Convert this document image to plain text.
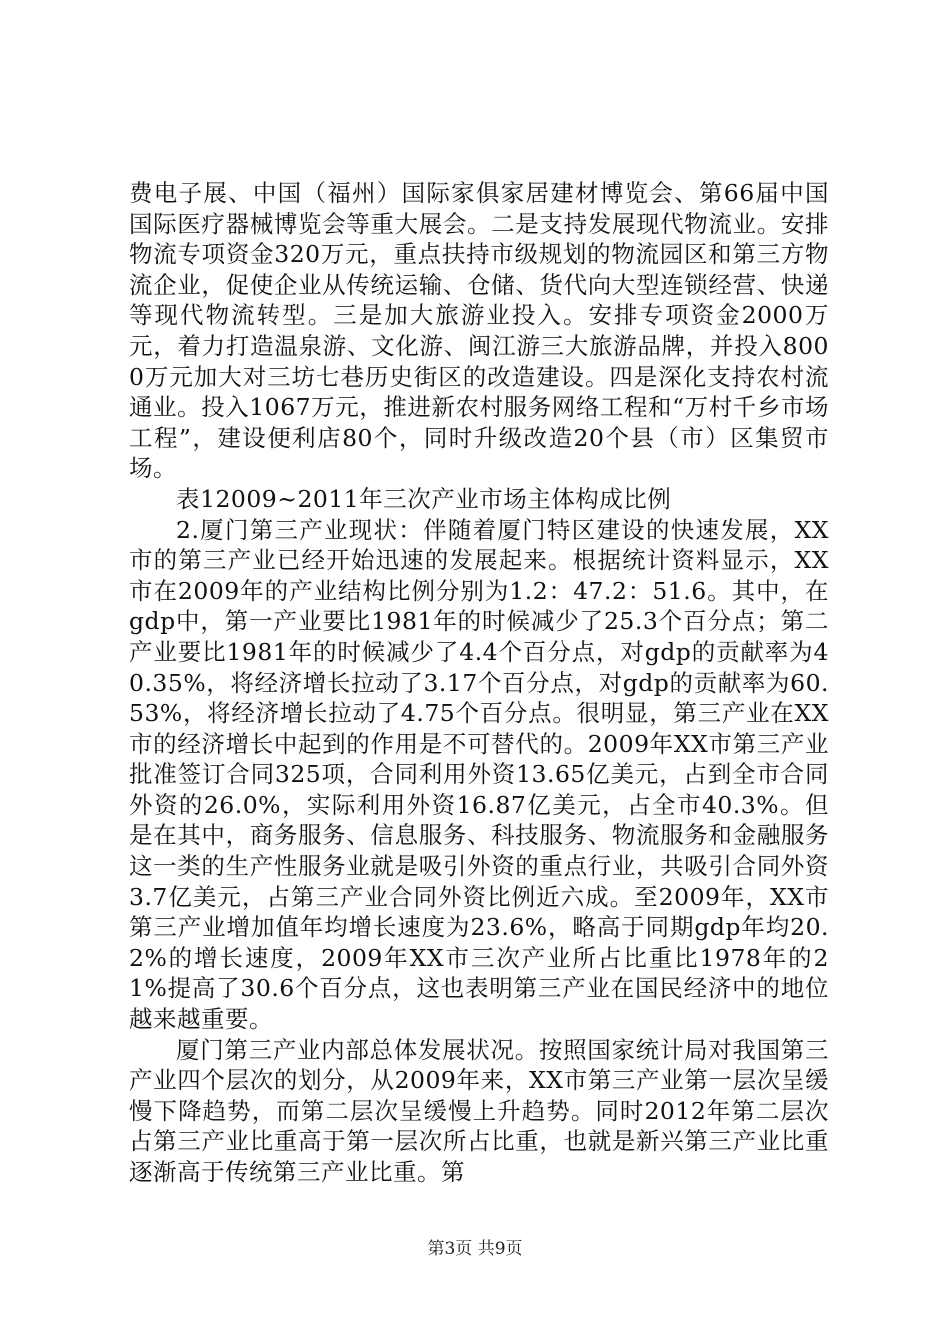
费电子展、中国（福州）国际家俱家居建材博览会、第66届中国国际医疗器械博览会等重大展会。二是支持发展现代物流业。安排物流专项资金320万元，重点扶持市级规划的物流园区和第三方物流企业，促使企业从传统运输、仓储、货代向大型连锁经营、快递等现代物流转型。三是加大旅游业投入。安排专项资金2000万元，着力打造温泉游、文化游、闽江游三大旅游品牌，并投入8000万元加大对三坊七巷历史街区的改造建设。四是深化支持农村流通业。投入1067万元，推进新农村服务网络工程和“万村千乡市场工程”，建设便利店80个，同时升级改造20个县（市）区集贸市场。

表12009~2011年三次产业市场主体构成比例

2.厦门第三产业现状：伴随着厦门特区建设的快速发展，XX市的第三产业已经开始迅速的发展起来。根据统计资料显示，XX市在2009年的产业结构比例分别为1.2：47.2：51.6。其中，在gdp中，第一产业要比1981年的时候减少了25.3个百分点；第二产业要比1981年的时候减少了4.4个百分点，对gdp的贡献率为40.35%，将经济增长拉动了3.17个百分点，对gdp的贡献率为60.53%，将经济增长拉动了4.75个百分点。很明显，第三产业在XX市的经济增长中起到的作用是不可替代的。2009年XX市第三产业批准签订合同325项，合同利用外资13.65亿美元，占到全市合同外资的26.0%，实际利用外资16.87亿美元，占全市40.3%。但是在其中，商务服务、信息服务、科技服务、物流服务和金融服务这一类的生产性服务业就是吸引外资的重点行业，共吸引合同外资3.7亿美元，占第三产业合同外资比例近六成。至2009年，XX市第三产业增加值年均增长速度为23.6%，略高于同期gdp年均20.2%的增长速度，2009年XX市三次产业所占比重比1978年的21%提高了30.6个百分点，这也表明第三产业在国民经济中的地位越来越重要。

厦门第三产业内部总体发展状况。按照国家统计局对我国第三产业四个层次的划分，从2009年来，XX市第三产业第一层次呈缓慢下降趋势，而第二层次呈缓慢上升趋势。同时2012年第二层次占第三产业比重高于第一层次所占比重，也就是新兴第三产业比重逐渐高于传统第三产业比重。第

第3页 共9页
